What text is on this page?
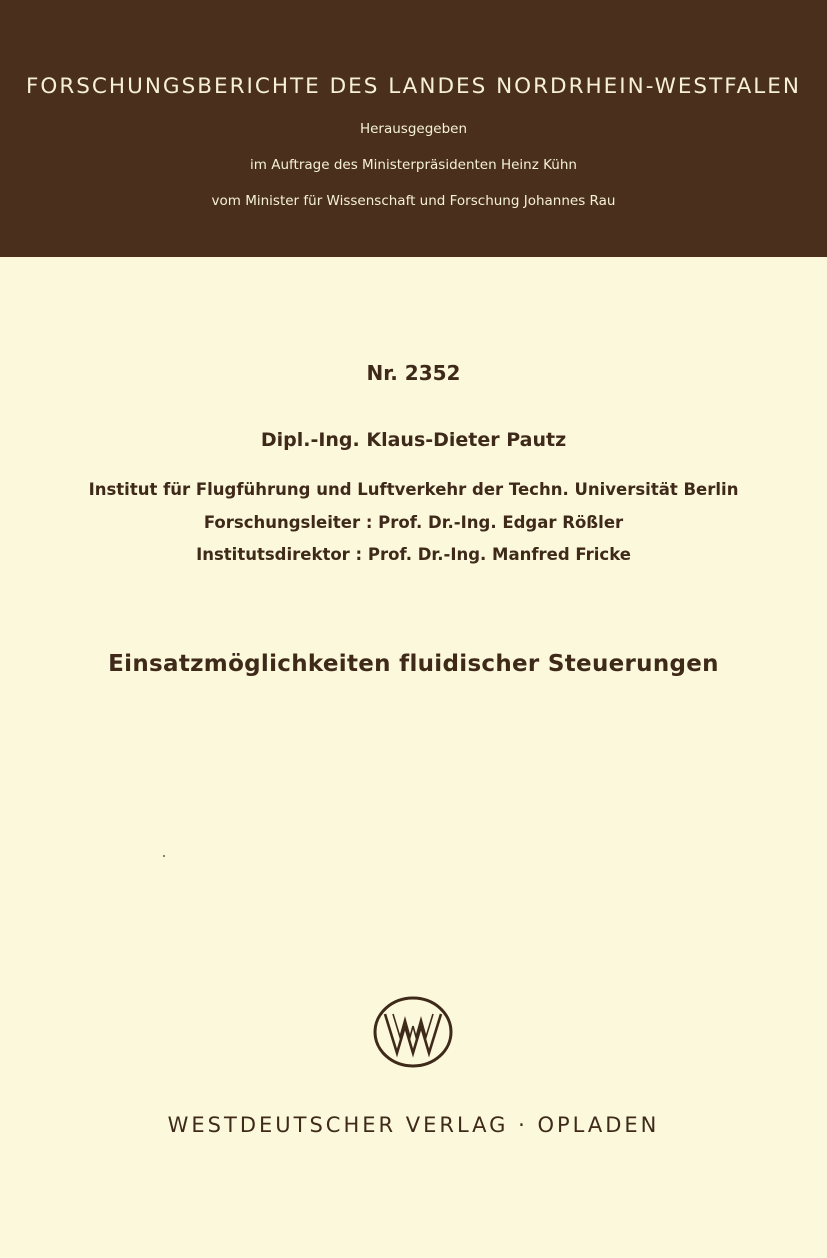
FORSCHUNGSBERICHTE DES LANDES NORDRHEIN-WESTFALEN
Herausgegeben
im Auftrage des Ministerpräsidenten Heinz Kühn
vom Minister für Wissenschaft und Forschung Johannes Rau
Nr. 2352
Dipl.-Ing. Klaus-Dieter Pautz
Institut für Flugführung und Luftverkehr der Techn. Universität Berlin
Forschungsleiter : Prof. Dr.-Ing. Edgar Rößler
Institutsdirektor : Prof. Dr.-Ing. Manfred Fricke
Einsatzmöglichkeiten fluidischer Steuerungen
WESTDEUTSCHER VERLAG · OPLADEN
